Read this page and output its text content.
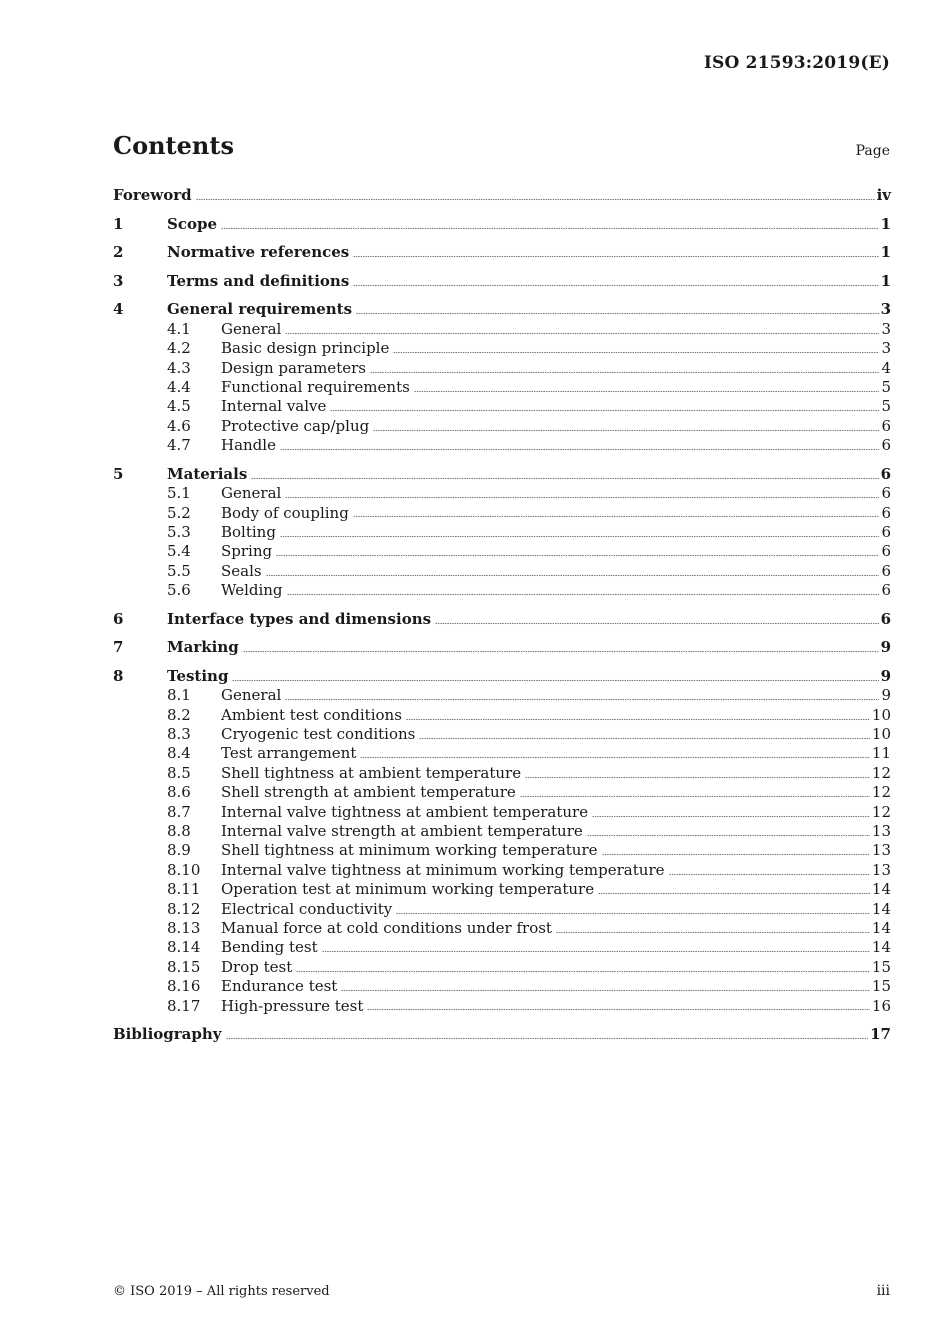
ISO 21593:2019(E)
Contents	Page
Foreword	iv
1	Scope	1
2	Normative references	1
3	Terms and definitions	1
4	General requirements	3
4.1	General	3
4.2	Basic design principle	3
4.3	Design parameters	4
4.4	Functional requirements	5
4.5	Internal valve	5
4.6	Protective cap/plug	6
4.7	Handle	6
5	Materials	6
5.1	General	6
5.2	Body of coupling	6
5.3	Bolting	6
5.4	Spring	6
5.5	Seals	6
5.6	Welding	6
6	Interface types and dimensions	6
7	Marking	9
8	Testing	9
8.1	General	9
8.2	Ambient test conditions	10
8.3	Cryogenic test conditions	10
8.4	Test arrangement	11
8.5	Shell tightness at ambient temperature	12
8.6	Shell strength at ambient temperature	12
8.7	Internal valve tightness at ambient temperature	12
8.8	Internal valve strength at ambient temperature	13
8.9	Shell tightness at minimum working temperature	13
8.10	Internal valve tightness at minimum working temperature	13
8.11	Operation test at minimum working temperature	14
8.12	Electrical conductivity	14
8.13	Manual force at cold conditions under frost	14
8.14	Bending test	14
8.15	Drop test	15
8.16	Endurance test	15
8.17	High-pressure test	16
Bibliography	17
© ISO 2019 – All rights reserved	iii
